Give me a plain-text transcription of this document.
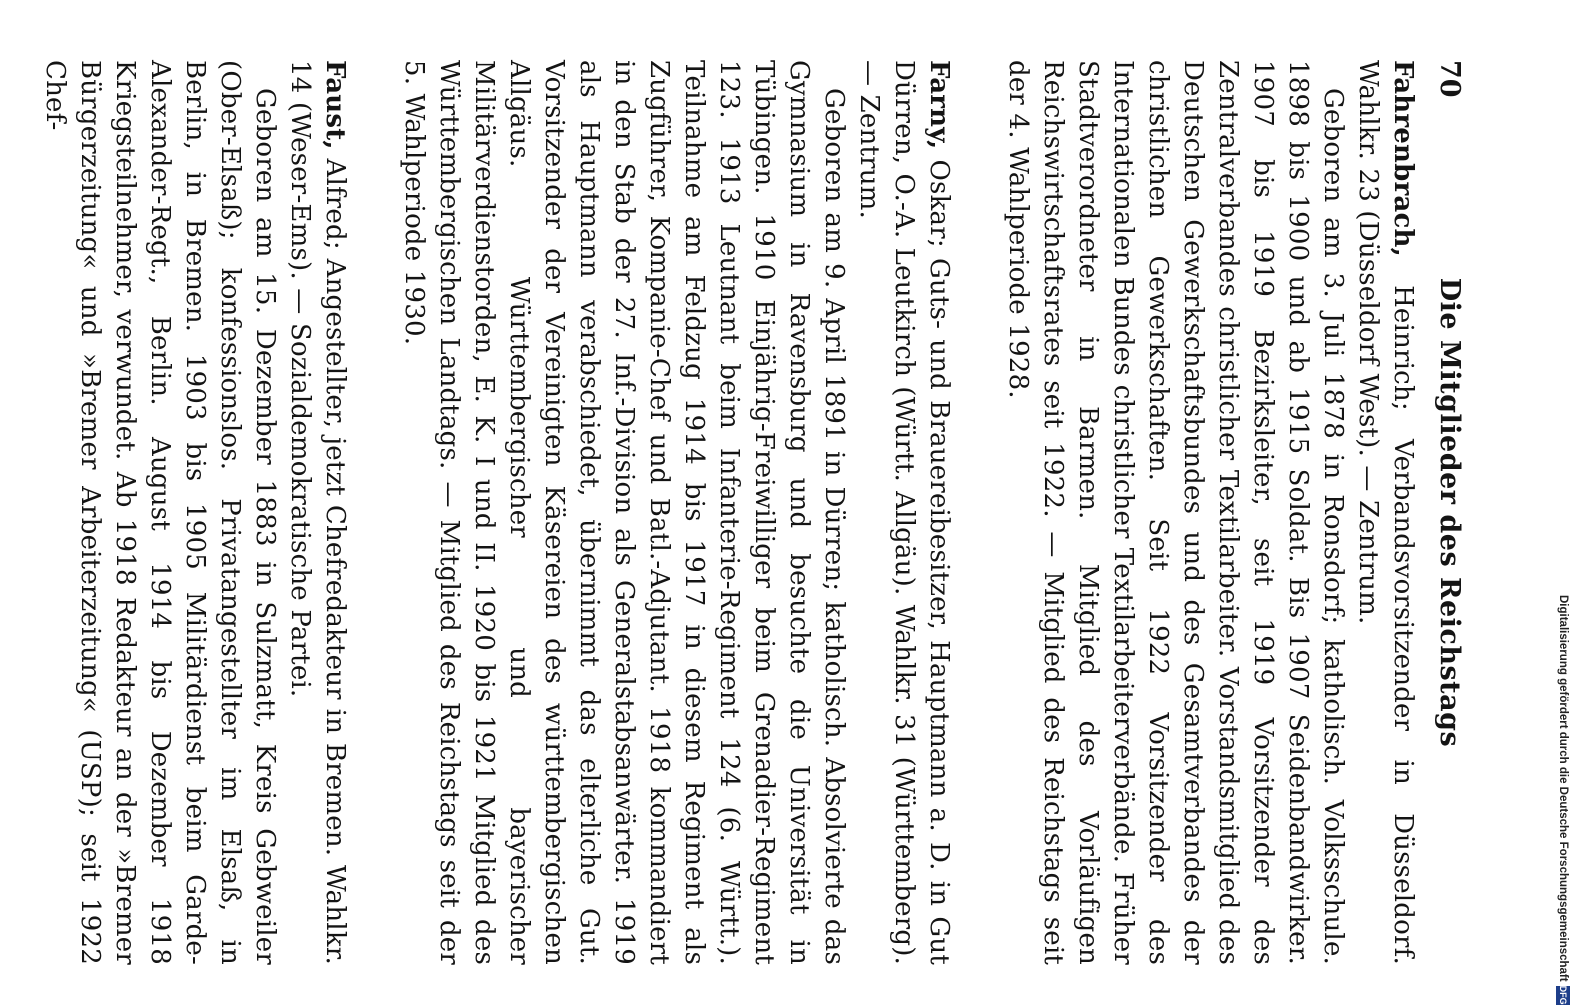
70
Die Mitglieder des Reichstags

Fahrenbrach, Heinrich; Verbandsvorsitzender in Düsseldorf. Wahlkr. 23 (Düsseldorf West). — Zentrum.

Geboren am 3. Juli 1878 in Ronsdorf; katholisch. Volksschule. 1898 bis 1900 und ab 1915 Soldat. Bis 1907 Seidenbandwirker. 1907 bis 1919 Bezirksleiter, seit 1919 Vorsitzender des Zentralverbandes christlicher Textilarbeiter. Vorstandsmitglied des Deutschen Gewerkschaftsbundes und des Gesamtverbandes der christlichen Gewerkschaften. Seit 1922 Vorsitzender des Internationalen Bundes christlicher Textilarbeiterverbände. Früher Stadtverordneter in Barmen. Mitglied des Vorläufigen Reichswirtschaftsrates seit 1922. — Mitglied des Reichstags seit der 4. Wahlperiode 1928.

Farny, Oskar; Guts- und Brauereibesitzer, Hauptmann a. D. in Gut Dürren, O.-A. Leutkirch (Württ. Allgäu). Wahlkr. 31 (Württemberg). — Zentrum.

Geboren am 9. April 1891 in Dürren; katholisch. Absolvierte das Gymnasium in Ravensburg und besuchte die Universität in Tübingen. 1910 Einjährig-Freiwilliger beim Grenadier-Regiment 123. 1913 Leutnant beim Infanterie-Regiment 124 (6. Württ.). Teilnahme am Feldzug 1914 bis 1917 in diesem Regiment als Zugführer, Kompanie-Chef und Batl.-Adjutant. 1918 kommandiert in den Stab der 27. Inf.-Division als Generalstabsanwärter. 1919 als Hauptmann verabschiedet, übernimmt das elterliche Gut. Vorsitzender der Vereinigten Käsereien des württembergischen Allgäus. Württembergischer und bayerischer Militärverdienstorden, E. K. I und II. 1920 bis 1921 Mitglied des Württembergischen Landtags. — Mitglied des Reichstags seit der 5. Wahlperiode 1930.

Faust, Alfred; Angestellter, jetzt Chefredakteur in Bremen. Wahlkr. 14 (Weser-Ems). — Sozialdemokratische Partei.

Geboren am 15. Dezember 1883 in Sulzmatt, Kreis Gebweiler (Ober-Elsaß); konfessionslos. Privatangestellter im Elsaß, in Berlin, in Bremen. 1903 bis 1905 Militärdienst beim Garde-Alexander-Regt., Berlin. August 1914 bis Dezember 1918 Kriegsteilnehmer, verwundet. Ab 1918 Redakteur an der »Bremer Bürgerzeitung« und »Bremer Arbeiterzeitung« (USP); seit 1922 Chef-

Digitalisierung gefördert durch die Deutsche Forschungsgemeinschaft
DFG
